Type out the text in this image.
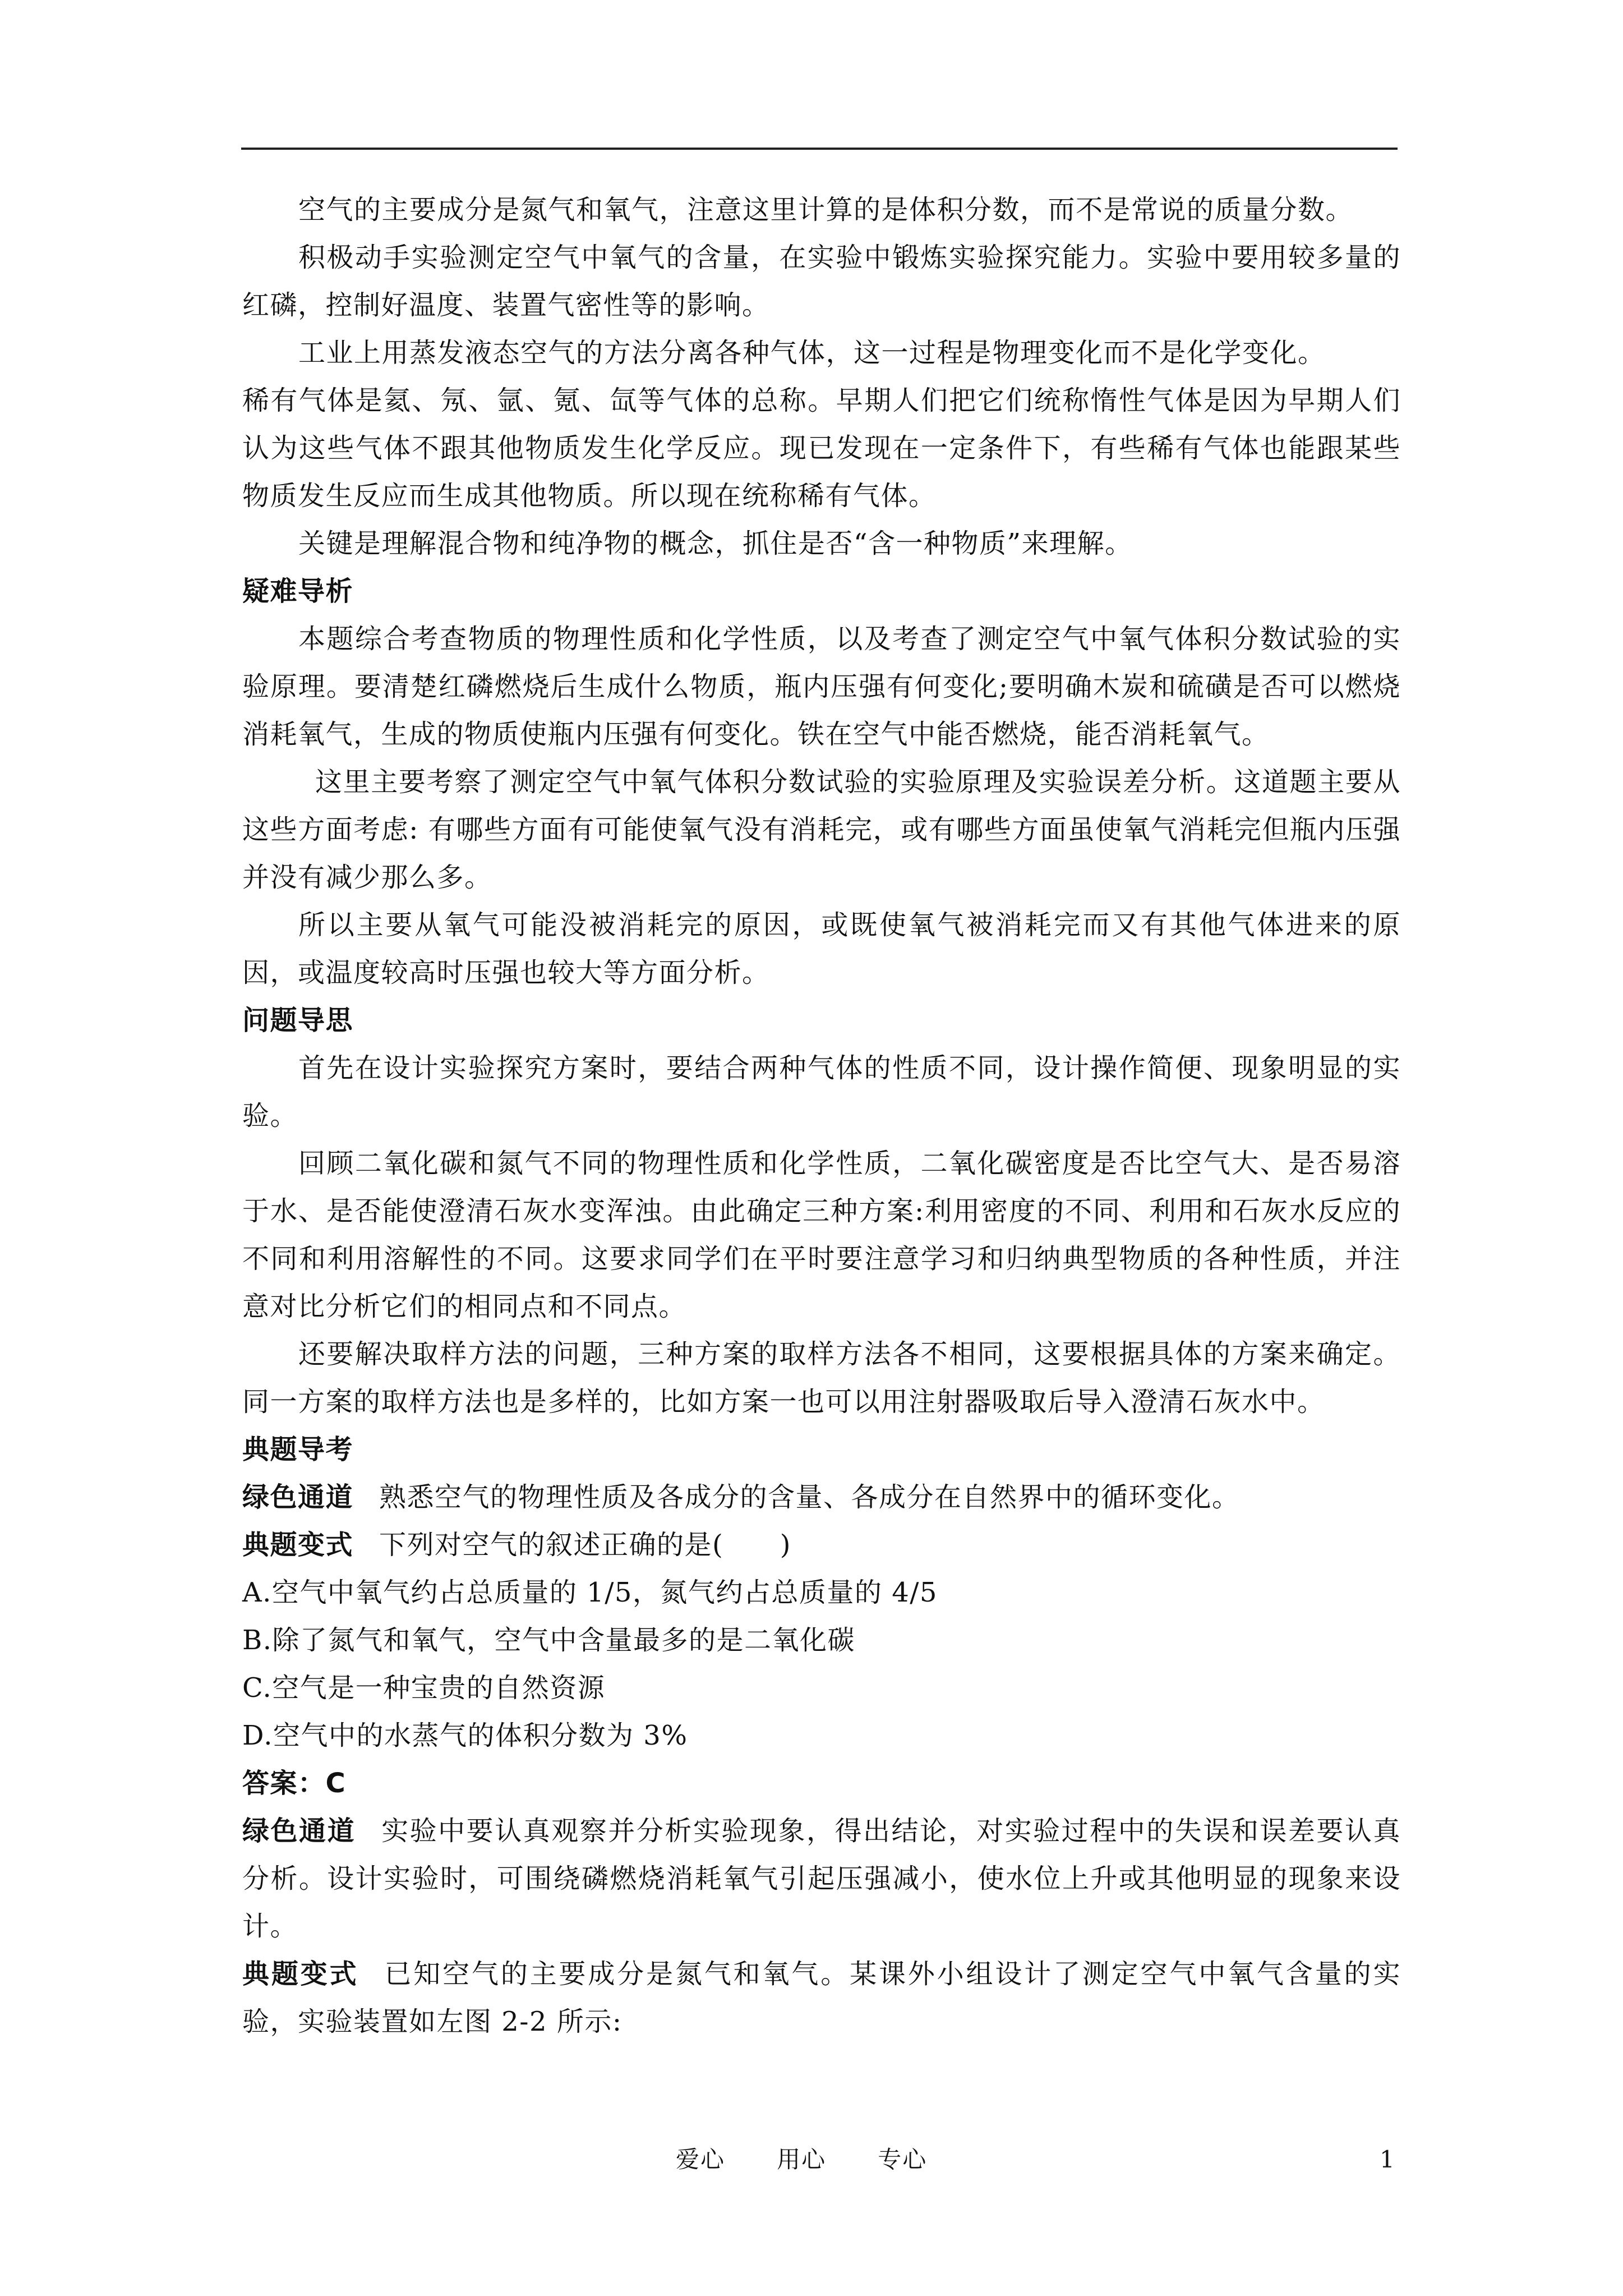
空气的主要成分是氮气和氧气，注意这里计算的是体积分数，而不是常说的质量分数。

积极动手实验测定空气中氧气的含量，在实验中锻炼实验探究能力。实验中要用较多量的红磷，控制好温度、装置气密性等的影响。

工业上用蒸发液态空气的方法分离各种气体，这一过程是物理变化而不是化学变化。

稀有气体是氦、氖、氩、氪、氙等气体的总称。早期人们把它们统称惰性气体是因为早期人们认为这些气体不跟其他物质发生化学反应。现已发现在一定条件下，有些稀有气体也能跟某些物质发生反应而生成其他物质。所以现在统称稀有气体。

关键是理解混合物和纯净物的概念，抓住是否“含一种物质”来理解。

疑难导析

本题综合考查物质的物理性质和化学性质，以及考查了测定空气中氧气体积分数试验的实验原理。要清楚红磷燃烧后生成什么物质，瓶内压强有何变化;要明确木炭和硫磺是否可以燃烧消耗氧气，生成的物质使瓶内压强有何变化。铁在空气中能否燃烧，能否消耗氧气。

这里主要考察了测定空气中氧气体积分数试验的实验原理及实验误差分析。这道题主要从这些方面考虑: 有哪些方面有可能使氧气没有消耗完，或有哪些方面虽使氧气消耗完但瓶内压强并没有减少那么多。

所以主要从氧气可能没被消耗完的原因，或既使氧气被消耗完而又有其他气体进来的原因，或温度较高时压强也较大等方面分析。

问题导思

首先在设计实验探究方案时，要结合两种气体的性质不同，设计操作简便、现象明显的实验。

回顾二氧化碳和氮气不同的物理性质和化学性质，二氧化碳密度是否比空气大、是否易溶于水、是否能使澄清石灰水变浑浊。由此确定三种方案:利用密度的不同、利用和石灰水反应的不同和利用溶解性的不同。这要求同学们在平时要注意学习和归纳典型物质的各种性质，并注意对比分析它们的相同点和不同点。

还要解决取样方法的问题，三种方案的取样方法各不相同，这要根据具体的方案来确定。同一方案的取样方法也是多样的，比如方案一也可以用注射器吸取后导入澄清石灰水中。

典题导考

绿色通道 熟悉空气的物理性质及各成分的含量、各成分在自然界中的循环变化。

典题变式 下列对空气的叙述正确的是(      )

A.空气中氧气约占总质量的 1/5，氮气约占总质量的 4/5

B.除了氮气和氧气，空气中含量最多的是二氧化碳

C.空气是一种宝贵的自然资源

D.空气中的水蒸气的体积分数为 3%

答案：C

绿色通道 实验中要认真观察并分析实验现象，得出结论，对实验过程中的失误和误差要认真分析。设计实验时，可围绕磷燃烧消耗氧气引起压强减小，使水位上升或其他明显的现象来设计。

典题变式 已知空气的主要成分是氮气和氧气。某课外小组设计了测定空气中氧气含量的实验，实验装置如左图 2-2 所示:

爱心      用心      专心	1
